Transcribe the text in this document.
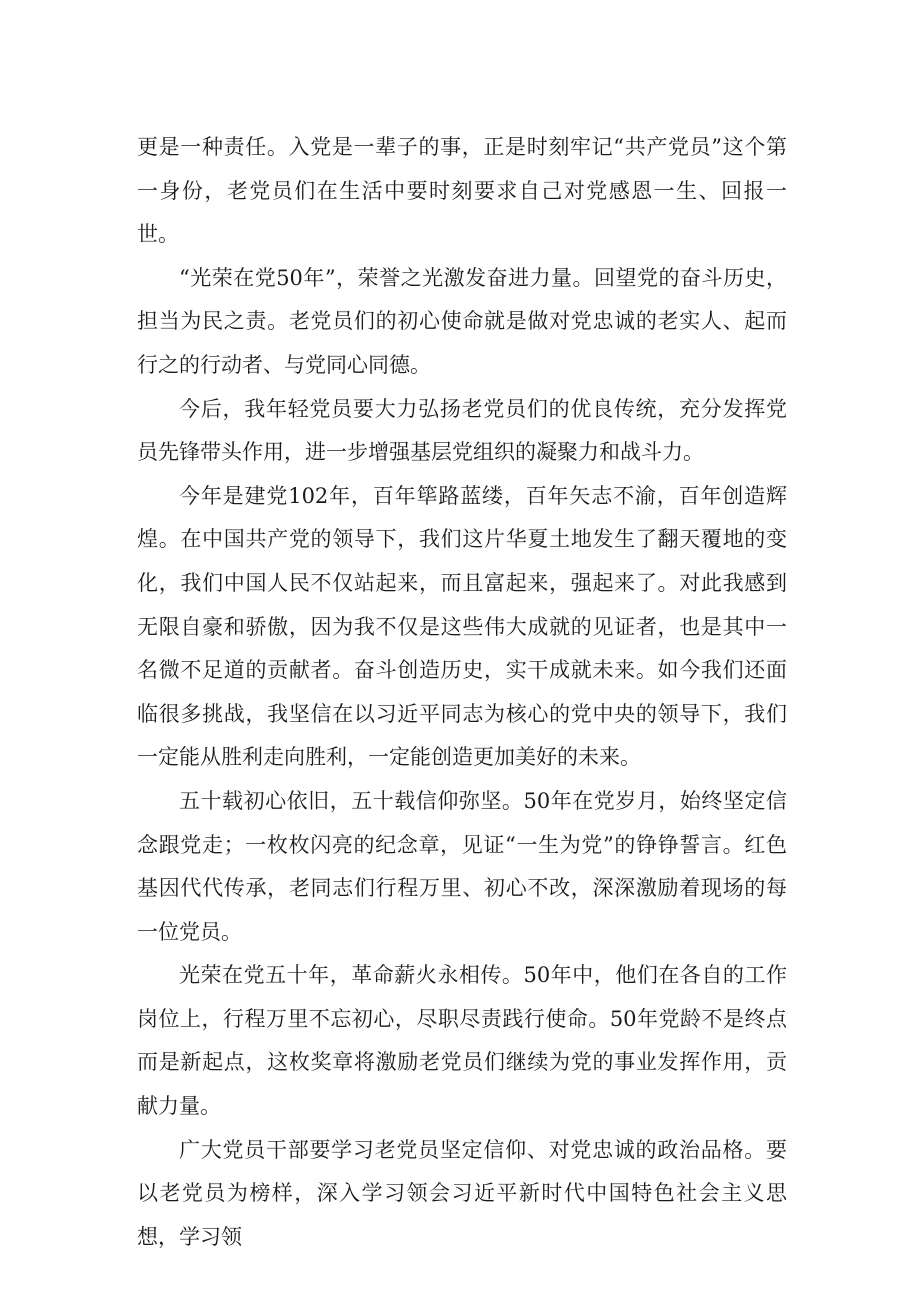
更是一种责任。入党是一辈子的事，正是时刻牢记“共产党员”这个第一身份，老党员们在生活中要时刻要求自己对党感恩一生、回报一世。

“光荣在党50年”，荣誉之光激发奋进力量。回望党的奋斗历史，担当为民之责。老党员们的初心使命就是做对党忠诚的老实人、起而行之的行动者、与党同心同德。

今后，我年轻党员要大力弘扬老党员们的优良传统，充分发挥党员先锋带头作用，进一步增强基层党组织的凝聚力和战斗力。

今年是建党102年，百年筚路蓝缕，百年矢志不渝，百年创造辉煌。在中国共产党的领导下，我们这片华夏土地发生了翻天覆地的变化，我们中国人民不仅站起来，而且富起来，强起来了。对此我感到无限自豪和骄傲，因为我不仅是这些伟大成就的见证者，也是其中一名微不足道的贡献者。奋斗创造历史，实干成就未来。如今我们还面临很多挑战，我坚信在以习近平同志为核心的党中央的领导下，我们一定能从胜利走向胜利，一定能创造更加美好的未来。

五十载初心依旧，五十载信仰弥坚。50年在党岁月，始终坚定信念跟党走；一枚枚闪亮的纪念章，见证“一生为党”的铮铮誓言。红色基因代代传承，老同志们行程万里、初心不改，深深激励着现场的每一位党员。

光荣在党五十年，革命薪火永相传。50年中，他们在各自的工作岗位上，行程万里不忘初心，尽职尽责践行使命。50年党龄不是终点而是新起点，这枚奖章将激励老党员们继续为党的事业发挥作用，贡献力量。

广大党员干部要学习老党员坚定信仰、对党忠诚的政治品格。要以老党员为榜样，深入学习领会习近平新时代中国特色社会主义思想，学习领
